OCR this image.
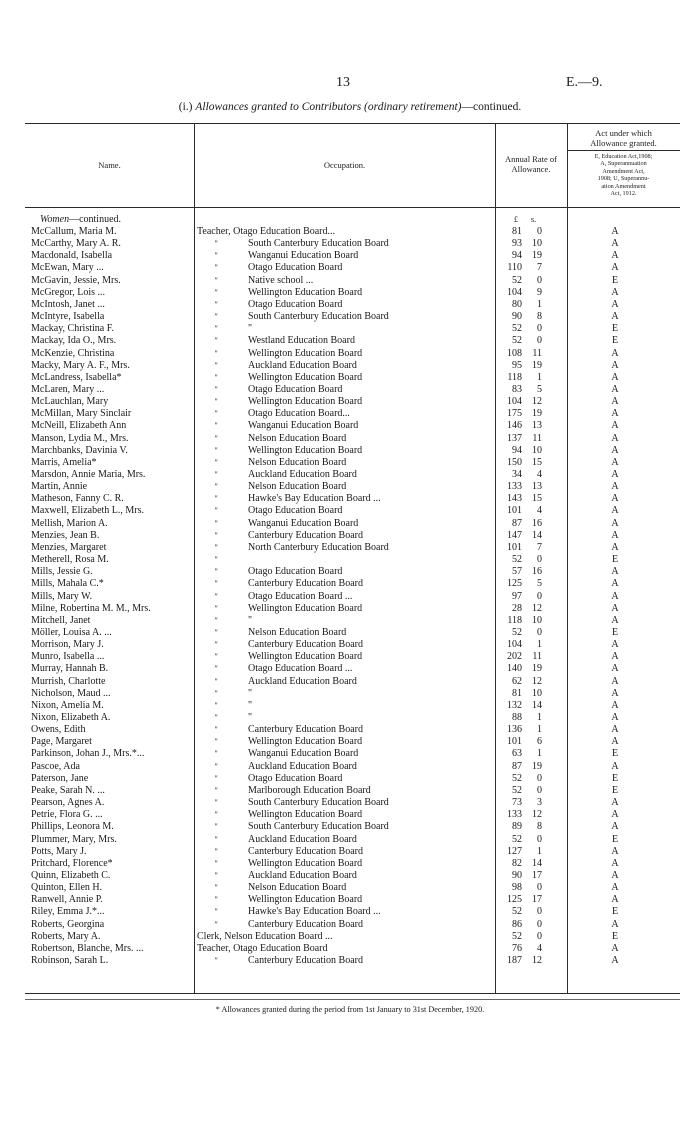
13	E.—9.
(i.) Allowances granted to Contributors (ordinary retirement)—continued.
Name.	Occupation.
Annual Rate of
Allowance.
Act under which
Allowance granted.
E, Education Act,1908;
A, Superannuation
Amendment Act,
1908; U, Superannu-
ation Amendment
Act, 1912.
Women—continued.	£ s.
McCallum, Maria M.	Teacher, Otago Education Board...	81	0	A
McCarthy, Mary A. R.	"	South Canterbury Education Board	93	10	A
Macdonald, Isabella	"	Wanganui Education Board	94	19	A
McEwan, Mary ...	"	Otago Education Board	110	7	A
McGavin, Jessie, Mrs.	"	Native school ...	52	0	E
McGregor, Lois ...	"	Wellington Education Board	104	9	A
McIntosh, Janet ...	"	Otago Education Board	80	1	A
McIntyre, Isabella	"	South Canterbury Education Board	90	8	A
Mackay, Christina F.	"	"	52	0	E
Mackay, Ida O., Mrs.	"	Westland Education Board	52	0	E
McKenzie, Christina	"	Wellington Education Board	108	11	A
Macky, Mary A. F., Mrs.	"	Auckland Education Board	95	19	A
McLandress, Isabella*	"	Wellington Education Board	118	1	A
McLaren, Mary ...	"	Otago Education Board	83	5	A
McLauchlan, Mary	"	Wellington Education Board	104	12	A
McMillan, Mary Sinclair	"	Otago Education Board...	175	19	A
McNeill, Elizabeth Ann	"	Wanganui Education Board	146	13	A
Manson, Lydia M., Mrs.	"	Nelson Education Board	137	11	A
Marchbanks, Davinia V.	"	Wellington Education Board	94	10	A
Marris, Amelia*	"	Nelson Education Board	150	15	A
Marsdon, Annie Maria, Mrs.	"	Auckland Education Board	34	4	A
Martin, Annie	"	Nelson Education Board	133	13	A
Matheson, Fanny C. R.	"	Hawke's Bay Education Board ...	143	15	A
Maxwell, Elizabeth L., Mrs.	"	Otago Education Board	101	4	A
Mellish, Marion A.	"	Wanganui Education Board	87	16	A
Menzies, Jean B.	"	Canterbury Education Board	147	14	A
Menzies, Margaret	"	North Canterbury Education Board	101	7	A
Metherell, Rosa M.	"	52	0	E
Mills, Jessie G.	"	Otago Education Board	57	16	A
Mills, Mahala C.*	"	Canterbury Education Board	125	5	A
Mills, Mary W.	"	Otago Education Board ...	97	0	A
Milne, Robertina M. M., Mrs.	"	Wellington Education Board	28	12	A
Mitchell, Janet	"	"	118	10	A
Möller, Louisa A. ...	"	Nelson Education Board	52	0	E
Morrison, Mary J.	"	Canterbury Education Board	104	1	A
Munro, Isabella ...	"	Wellington Education Board	202	11	A
Murray, Hannah B.	"	Otago Education Board ...	140	19	A
Murrish, Charlotte	"	Auckland Education Board	62	12	A
Nicholson, Maud ...	"	"	81	10	A
Nixon, Amelia M.	"	"	132	14	A
Nixon, Elizabeth A.	"	"	88	1	A
Owens, Edith	"	Canterbury Education Board	136	1	A
Page, Margaret	"	Wellington Education Board	101	6	A
Parkinson, Johan J., Mrs.*...	"	Wanganui Education Board	63	1	E
Pascoe, Ada	"	Auckland Education Board	87	19	A
Paterson, Jane	"	Otago Education Board	52	0	E
Peake, Sarah N. ...	"	Marlborough Education Board	52	0	E
Pearson, Agnes A.	"	South Canterbury Education Board	73	3	A
Petrie, Flora G. ...	"	Wellington Education Board	133	12	A
Phillips, Leonora M.	"	South Canterbury Education Board	89	8	A
Plummer, Mary, Mrs.	"	Auckland Education Board	52	0	E
Potts, Mary J.	"	Canterbury Education Board	127	1	A
Pritchard, Florence*	"	Wellington Education Board	82	14	A
Quinn, Elizabeth C.	"	Auckland Education Board	90	17	A
Quinton, Ellen H.	"	Nelson Education Board	98	0	A
Ranwell, Annie P.	"	Wellington Education Board	125	17	A
Riley, Emma J.*...	"	Hawke's Bay Education Board ...	52	0	E
Roberts, Georgina	"	Canterbury Education Board	86	0	A
Roberts, Mary A.	Clerk, Nelson Education Board ...	52	0	E
Robertson, Blanche, Mrs. ...	Teacher, Otago Education Board	76	4	A
Robinson, Sarah L.	"	Canterbury Education Board	187	12	A
* Allowances granted during the period from 1st January to 31st December, 1920.
